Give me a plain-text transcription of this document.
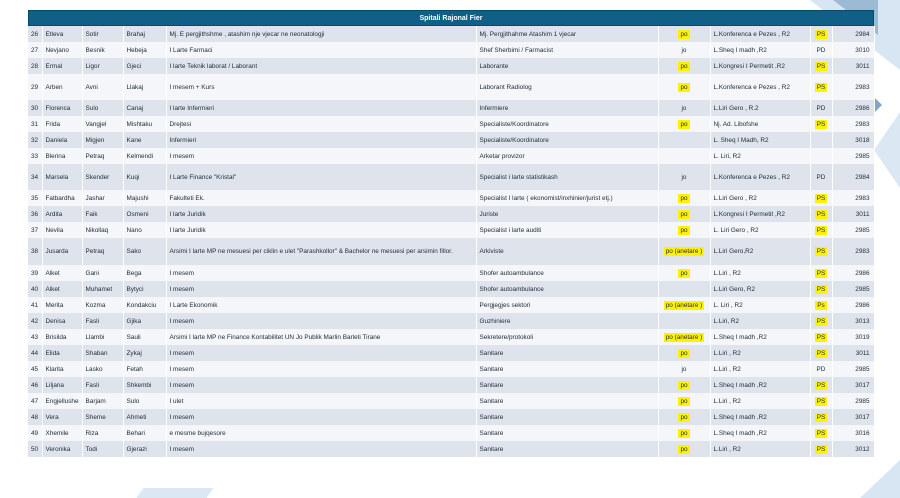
Spitali Rajonal Fier
26	Etleva	Sotir	Brahaj	Mj. E pergjithshme , atashim nje vjecar ne neonatologji	Mj. Pergjithahme Atashim 1 vjecar	po	L.Konferenca e Pezes , R2	PS	2984
27	Nevjano	Besnik	Hebeja	I Larte Farmaci	Shef Sherbimi / Farmacist	jo	L.Sheq I madh ,R2	PD	3010
28	Ermal	Ligor	Gjeci	I larte Teknik laborat / Laborant	Laborante	po	L.Kongresi I Permetit ,R2	PS	3011
29	Arben	Avni	Llakaj	I mesem + Kurs	Laborant Radiolog	po	L.Konferenca e Pezes , R2	PS	2983
30	Florenca	Sulo	Canaj	I larte Infermieri	Infermiere	jo	L.Liri Gero , R.2	PD	2986
31	Frida	Vangjel	Mishtaku	Drejtesi	Specialiste/Koordinatore	po	Nj. Ad. Libofshe	PS	2983
32	Daniela	Migjen	Kane	Infermieri	Specialiste/Koordinatore		L. Sheq I Madh, R2		3018
33	Blerina	Petraq	Kelmendi	I mesem	Arketar provizor		L. Liri, R2		2985
34	Marsela	Skender	Kuqi	I Larte Finance "Kristal"	Specialist i larte statistikash	jo	L.Konferenca e Pezes , R2	PD	2984
35	Fatbardha	Jashar	Majushi	Fakulteti Ek.	Specialist I larte ( ekonomist/inxhinier/jurist etj.)	po	L.Liri Gero , R2	PS	2983
36	Ardita	Faik	Osmeni	I larte Juridik	Juriste	po	L.Kongresi I Permetit ,R2	PS	3011
37	Nevila	Nikollaq	Nano	I larte Juridik	Specialist i larte auditi	po	L. Liri Gero , R2	PS	2985
38	Jusarda	Petraq	Sako	Arsimi I larte MP ne mesuesi per ciklin e ulet "Parashkollor" & Bachelor ne mesuesi per arsimin fillor.	Arkiviste	po (anetare )	L.Liri Gero,R2	PS	2983
39	Alket	Gani	Bega	I mesem	Shofer autoambulance	po	L.Liri , R2	PS	2986
40	Alket	Muhamet	Bytyci	I mesem	Shofer autoambulance		L.Liri Gero, R2	PS	2985
41	Merita	Kozma	Kondakciu	I Larte Ekonomik	Pergjegjes sektori	po (anetare )	L. Liri , R2	Ps	2986
42	Denisa	Fasli	Gjika	I mesem	Guzhiniere		L.Liri, R2	PS	3013
43	Brisilda	Llambi	Sauli	Arsimi I larte MP ne Finance Kontabilitet UN Jo Publik Marlin Barleti Tirane	Sekretere/protokoli	po (anetare )	L.Sheq I madh ,R2	PS	3019
44	Elida	Shaban	Zykaj	I mesem	Sanitare	po	L.Liri , R2	PS	3011
45	Klarita	Lasko	Fetah	I mesem	Sanitare	jo	L.Liri , R2	PD	2985
46	Liljana	Fasli	Shkembi	I mesem	Sanitare	po	L.Sheq I madh ,R2	PS	3017
47	Engjellushe	Barjam	Sulo	I ulet	Sanitare	po	L.Liri , R2	PS	2985
48	Vera	Sheme	Ahmeti	I mesem	Sanitare	po	L.Sheq I madh ,R2	PS	3017
49	Xhemile	Riza	Behari	e mesme bujqesore	Sanitare	po	L.Sheq I madh ,R2	PS	3016
50	Veronika	Todi	Gjerazi	I mesem	Sanitare	po	L.Liri , R2	PS	3012
